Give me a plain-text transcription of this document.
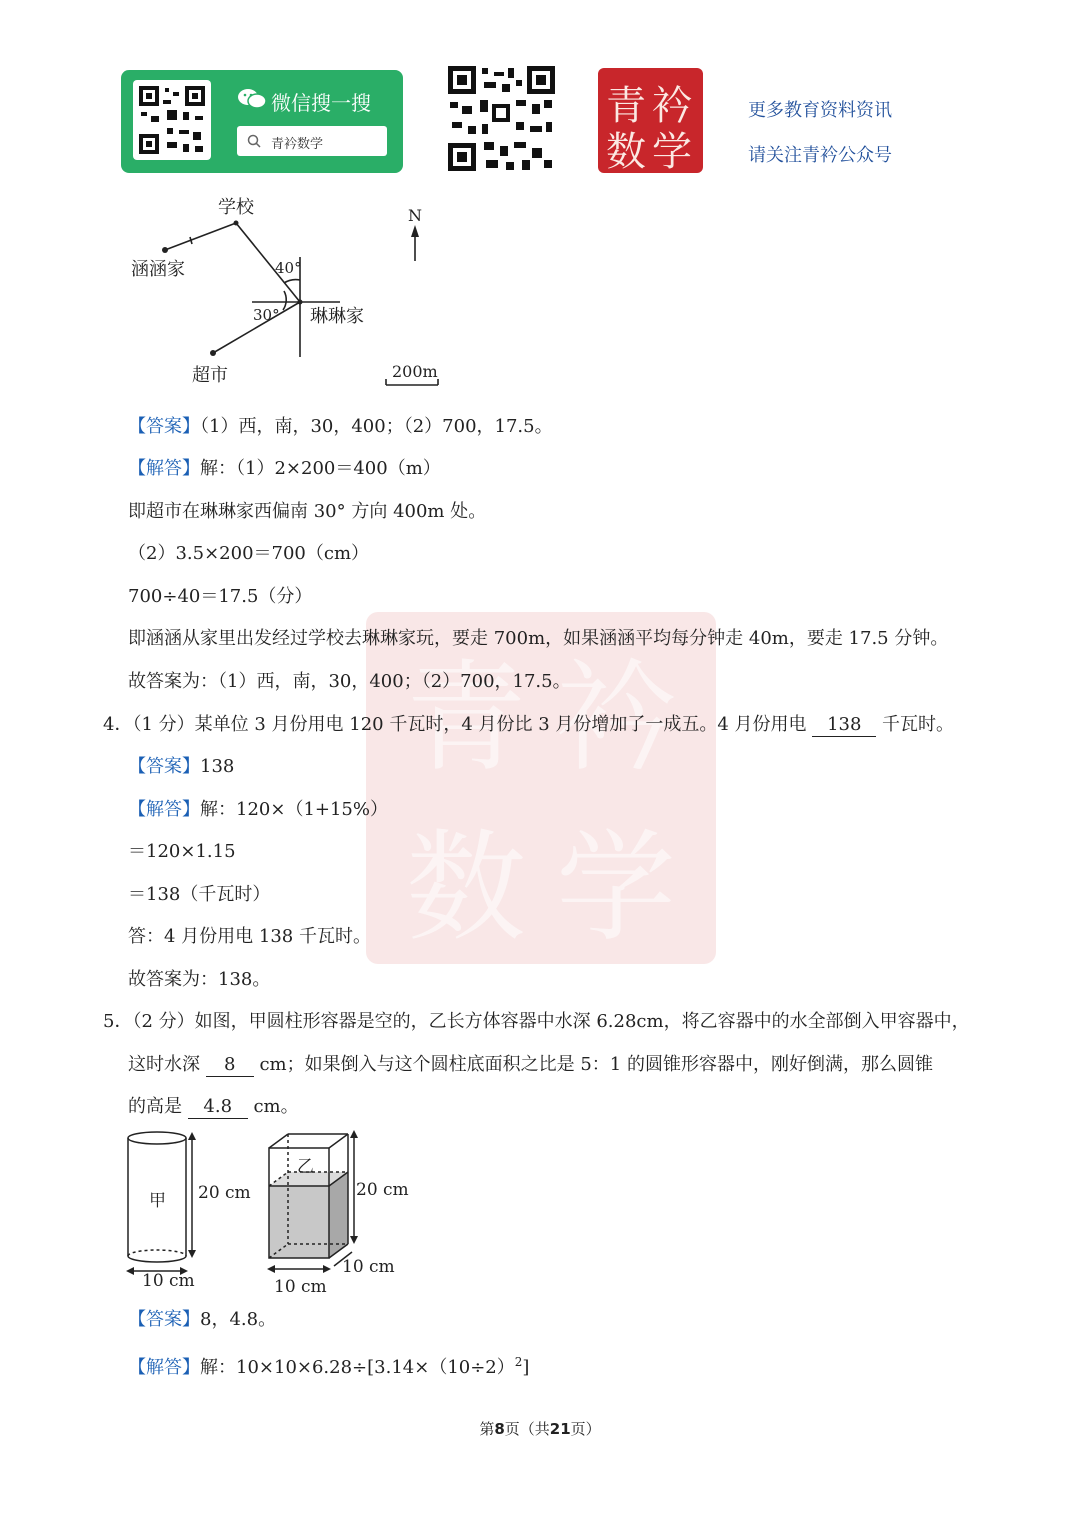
微信搜一搜
青衿数学
青 衿
数 学
更多教育资料资讯
请关注青衿公众号
青 衿
数 学
学校
涵涵家
琳琳家
超市
N
40°
30°
200m
【答案】（1）西，南，30，400；（2）700，17.5。
【解答】解：（1）2×200＝400（m）
即超市在琳琳家西偏南 30° 方向 400m 处。
（2）3.5×200＝700（cm）
700÷40＝17.5（分）
即涵涵从家里出发经过学校去琳琳家玩，要走 700m，如果涵涵平均每分钟走 40m，要走 17.5 分钟。
故答案为：（1）西，南，30，400；（2）700，17.5。
4．（1 分）某单位 3 月份用电 120 千瓦时，4 月份比 3 月份增加了一成五。4 月份用电 138 千瓦时。
【答案】138
【解答】解：120×（1+15%）
＝120×1.15
＝138（千瓦时）
答：4 月份用电 138 千瓦时。
故答案为：138。
5．（2 分）如图，甲圆柱形容器是空的，乙长方体容器中水深 6.28cm，将乙容器中的水全部倒入甲容器中，
这时水深 8 cm；如果倒入与这个圆柱底面积之比是 5：1 的圆锥形容器中，刚好倒满，那么圆锥
的高是 4.8 cm。
甲 20 cm
10 cm
乙
20 cm
10 cm
10 cm
【答案】8，4.8。
【解答】解：$10\times 10\times 6.28\div[3.14\times(10\div 2)^2]$
第8页（共21页）
